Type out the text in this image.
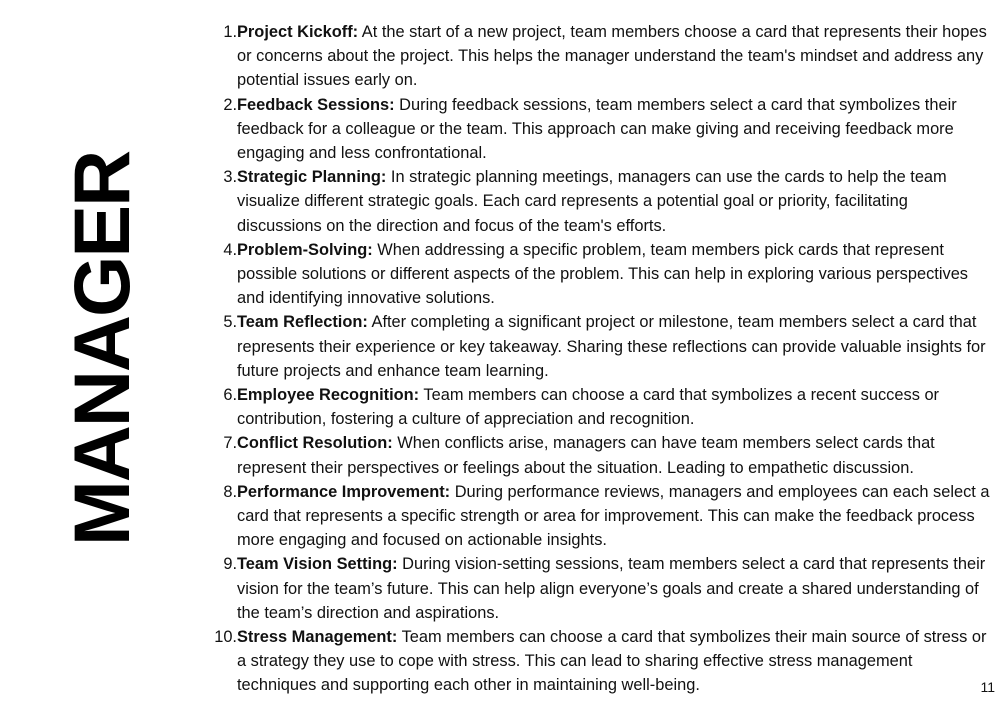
MANAGER
1. Project Kickoff: At the start of a new project, team members choose a card that represents their hopes or concerns about the project. This helps the manager understand the team's mindset and address any potential issues early on.
2. Feedback Sessions: During feedback sessions, team members select a card that symbolizes their feedback for a colleague or the team. This approach can make giving and receiving feedback more engaging and less confrontational.
3. Strategic Planning: In strategic planning meetings, managers can use the cards to help the team visualize different strategic goals. Each card represents a potential goal or priority, facilitating discussions on the direction and focus of the team's efforts.
4. Problem-Solving: When addressing a specific problem, team members pick cards that represent possible solutions or different aspects of the problem. This can help in exploring various perspectives and identifying innovative solutions.
5. Team Reflection: After completing a significant project or milestone, team members select a card that represents their experience or key takeaway. Sharing these reflections can provide valuable insights for future projects and enhance team learning.
6. Employee Recognition: Team members can choose a card that symbolizes a recent success or contribution, fostering a culture of appreciation and recognition.
7. Conflict Resolution: When conflicts arise, managers can have team members select cards that represent their perspectives or feelings about the situation. Leading to empathetic discussion.
8. Performance Improvement: During performance reviews, managers and employees can each select a card that represents a specific strength or area for improvement. This can make the feedback process more engaging and focused on actionable insights.
9. Team Vision Setting: During vision-setting sessions, team members select a card that represents their vision for the team’s future. This can help align everyone’s goals and create a shared understanding of the team’s direction and aspirations.
10. Stress Management: Team members can choose a card that symbolizes their main source of stress or a strategy they use to cope with stress. This can lead to sharing effective stress management techniques and supporting each other in maintaining well-being.	11
